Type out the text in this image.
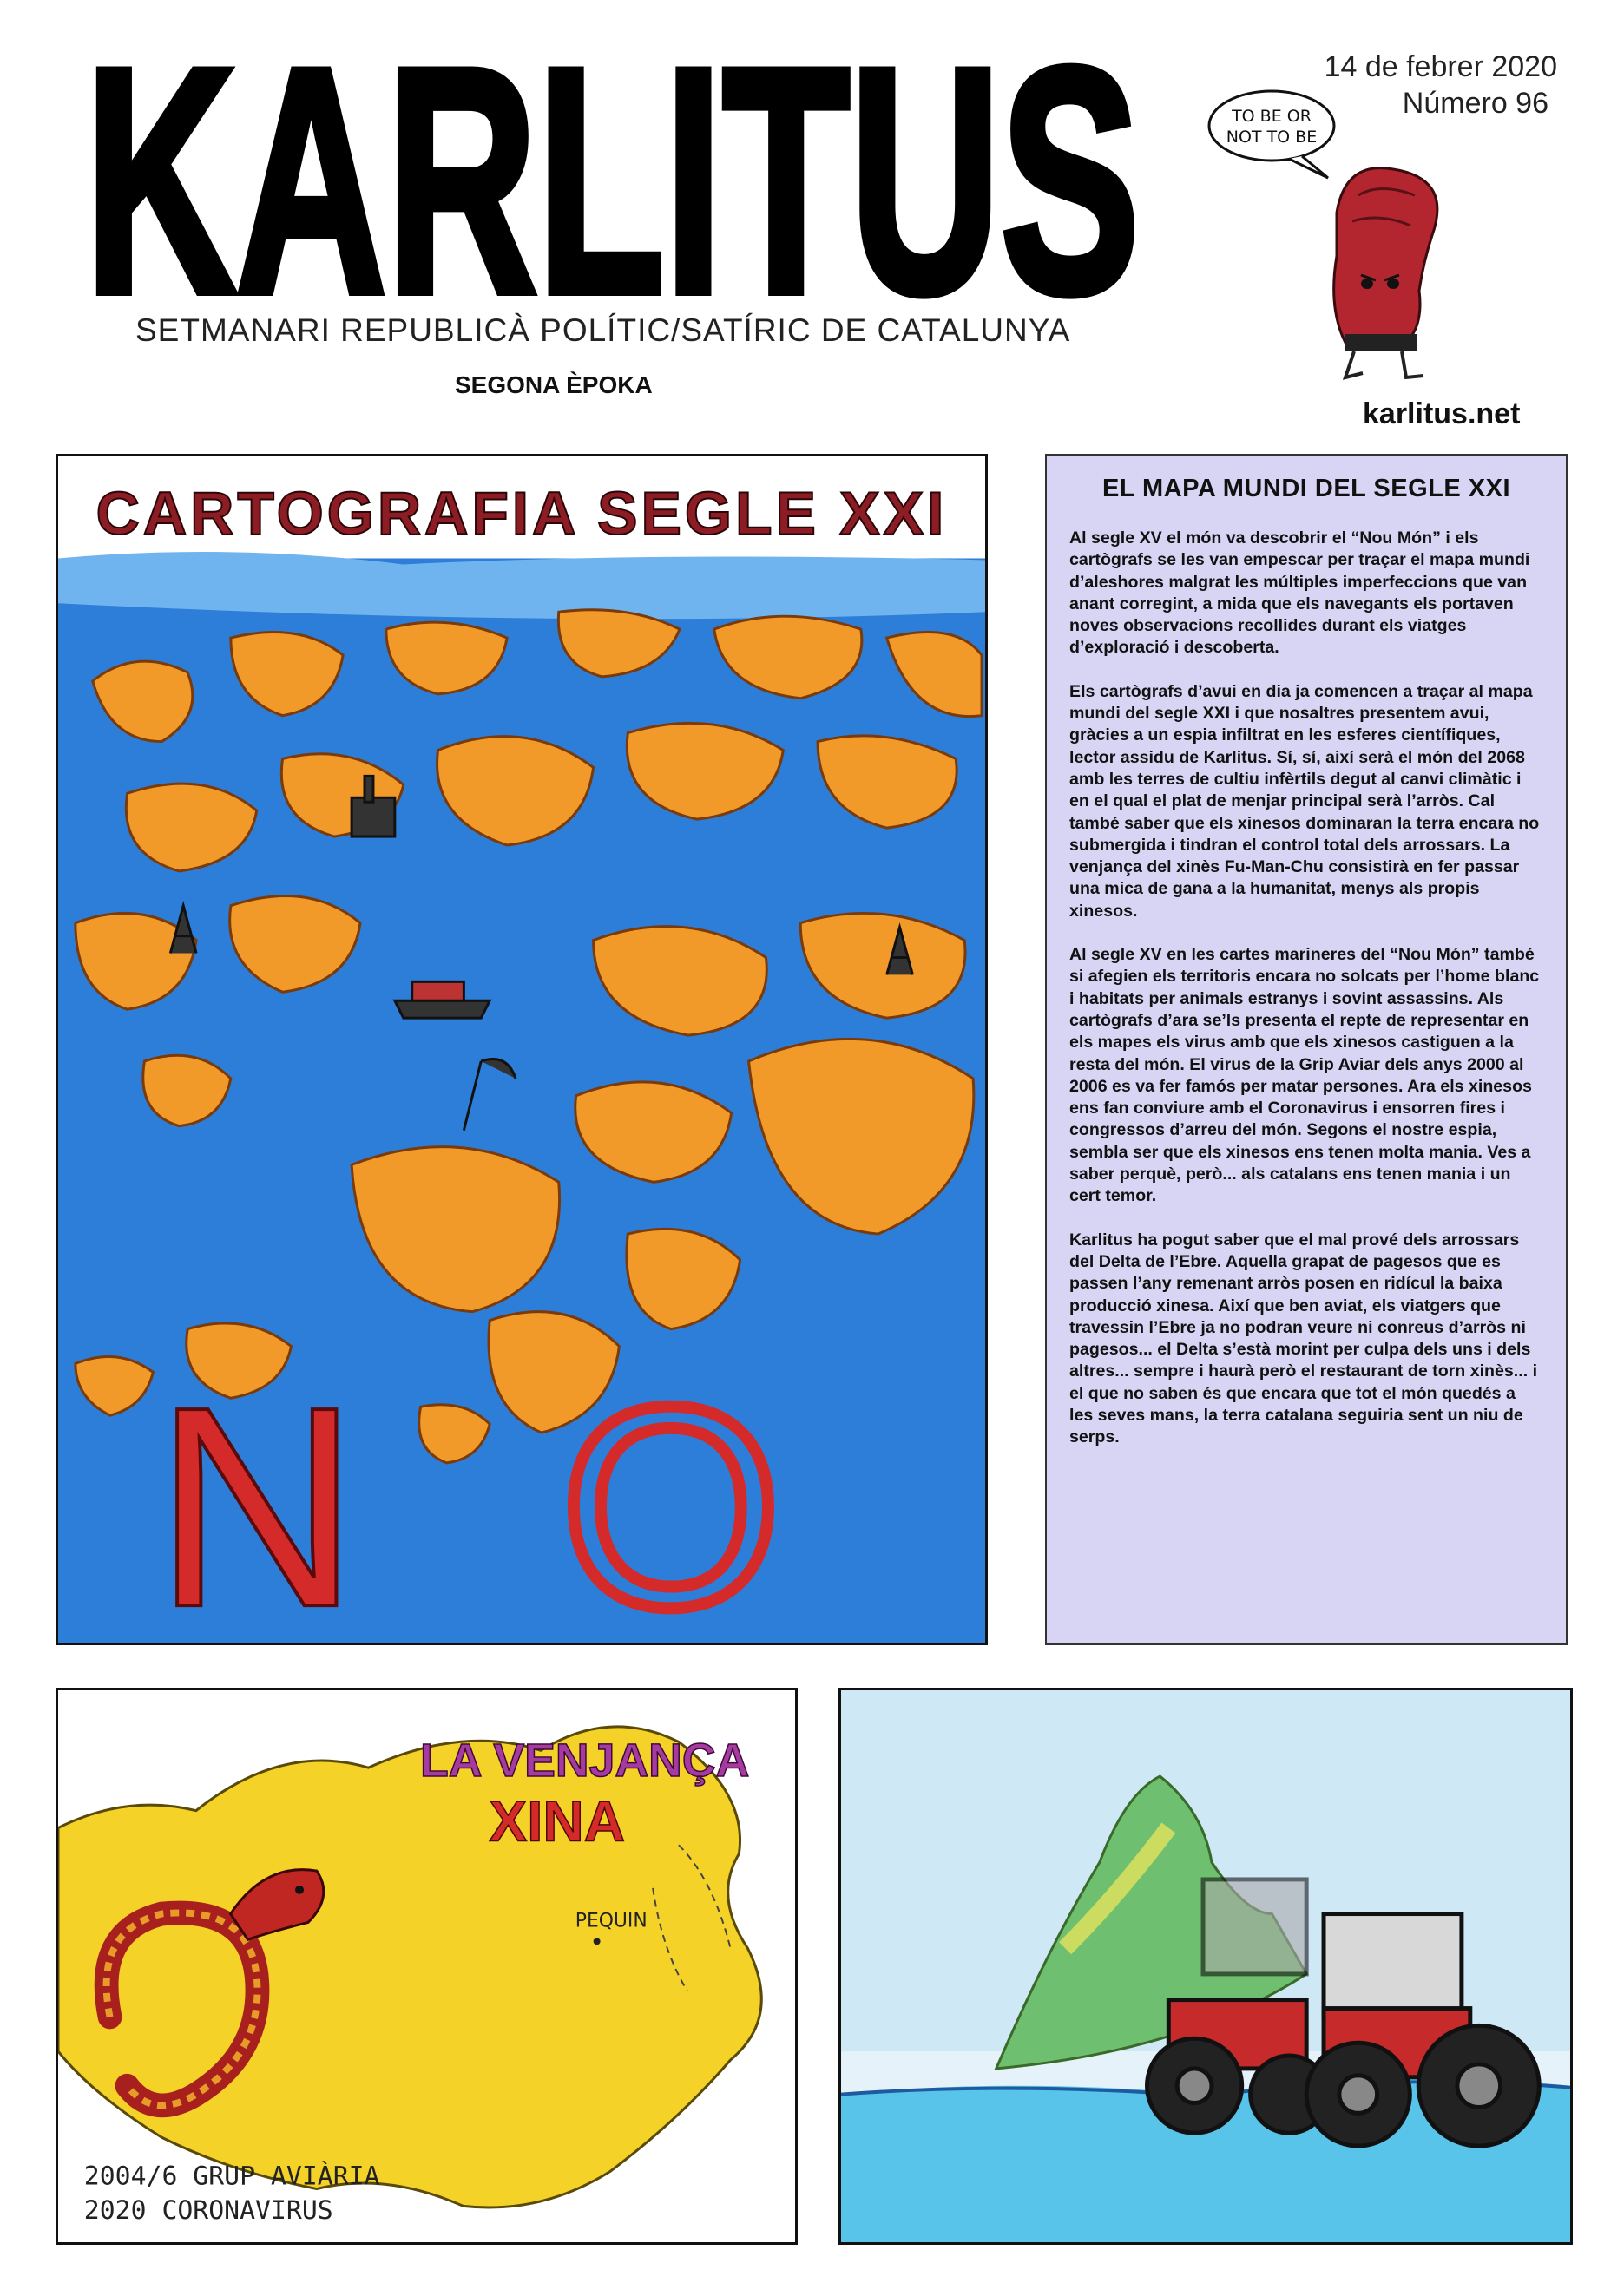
KARLITUS
SETMANARI REPUBLICÀ POLÍTIC/SATÍRIC DE CATALUNYA
SEGONA ÈPOKA
14 de febrer 2020
Número 96
TO BE OR
NOT TO BE
karlitus.net
CARTOGRAFIA SEGLE XXI
N O
EL MAPA MUNDI DEL SEGLE XXI

Al segle XV el món va descobrir el “Nou Món” i els cartògrafs se les van empescar per traçar el mapa mundi d’aleshores malgrat les múltiples imperfeccions que van anant corregint, a mida que els navegants els portaven noves observacions recollides durant els viatges d’exploració i descoberta.

Els cartògrafs d’avui en dia ja comencen a traçar al mapa mundi del segle XXI i que nosaltres presentem avui, gràcies a un espia infiltrat en les esferes científiques, lector assidu de Karlitus. Sí, sí, així serà el món del 2068 amb les terres de cultiu infèrtils degut al canvi climàtic i en el qual el plat de menjar principal serà l’arròs. Cal també saber que els xinesos dominaran la terra encara no submergida i tindran el control total dels arrossars. La venjança del xinès Fu-Man-Chu consistirà en fer passar una mica de gana a la humanitat, menys als propis xinesos.

Al segle XV en les cartes marineres del “Nou Món” també si afegien els territoris encara no solcats per l’home blanc i habitats per animals estranys i sovint assassins. Als cartògrafs d’ara se’ls presenta el repte de representar en els mapes els virus amb que els xinesos castiguen a la resta del món. El virus de la Grip Aviar dels anys 2000 al 2006 es va fer famós per matar persones. Ara els xinesos ens fan conviure amb el Coronavirus i ensorren fires i congressos d’arreu del món. Segons el nostre espia, sembla ser que els xinesos ens tenen molta mania. Ves a saber perquè, però... als catalans ens tenen mania i un cert temor.

Karlitus ha pogut saber que el mal prové dels arrossars del Delta de l’Ebre. Aquella grapat de pagesos que es passen l’any remenant arròs posen en ridícul la baixa producció xinesa. Així que ben aviat, els viatgers que travessin l’Ebre ja no podran veure ni conreus d’arròs ni pagesos... el Delta s’està morint per culpa dels uns i dels altres... sempre i haurà però el restaurant de torn xinès... i el que no saben és que encara que tot el món quedés a les seves mans, la terra catalana seguiria sent un niu de serps.

LA VENJANÇA
XINA
PEQUIN
2004/6 GRUP AVIÀRIA
2020 CORONAVIRUS
